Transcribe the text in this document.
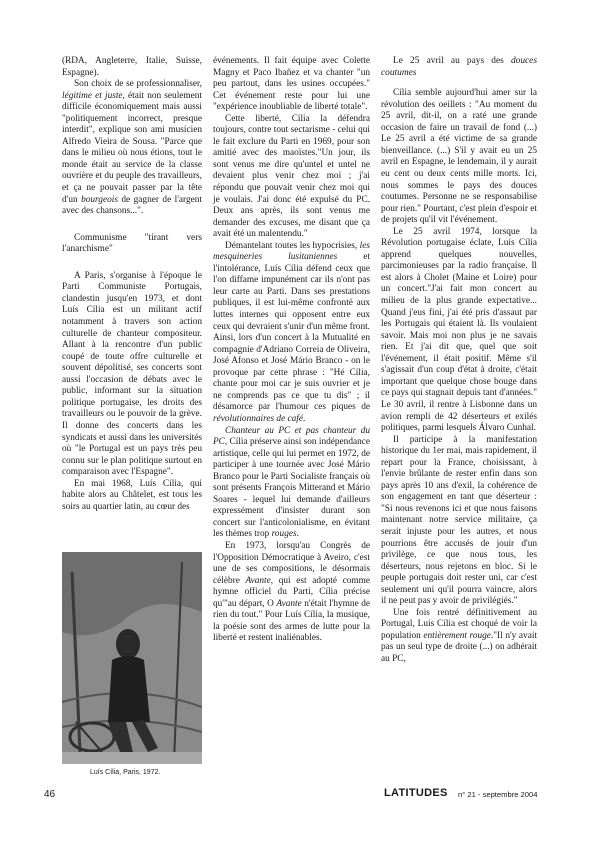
(RDA, Angleterre, Italie, Suisse, Espagne).

Son choix de se professionnaliser, légitime et juste, était non seulement difficile économiquement mais aussi "politiquement incorrect, presque interdit", explique son ami musicien Alfredo Vieira de Sousa. "Parce que dans le milieu où nous étions, tout le monde était au service de la classe ouvrière et du peuple des travailleurs, et ça ne pouvait passer par la tête d'un bourgeois de gagner de l'argent avec des chansons...".

Communisme "tirant vers l'anarchisme"

A Paris, s'organise à l'époque le Parti Communiste Portugais, clandestin jusqu'en 1973, et dont Luís Cília est un militant actif notamment à travers son action culturelle de chanteur compositeur. Allant à la rencontre d'un public coupé de toute offre culturelle et souvent dépolitisé, ses concerts sont aussi l'occasion de débats avec le public, informant sur la situation politique portugaise, les droits des travailleurs ou le pouvoir de la grève. Il donne des concerts dans les syndicats et aussi dans les universités où "le Portugal est un pays très peu connu sur le plan politique surtout en comparaison avec l'Espagne".

En mai 1968, Luís Cília, qui habite alors au Châtelet, est tous les soirs au quartier latin, au cœur des

Luís Cília, Paris, 1972.

événements. Il fait équipe avec Colette Magny et Paco Ibañez et va chanter "un peu partout, dans les usines occupées." Cet événement reste pour lui une "expérience inoubliable de liberté totale".

Cette liberté, Cília la défendra toujours, contre tout sectarisme - celui qui le fait exclure du Parti en 1969, pour son amitié avec des maoïstes."Un jour, ils sont venus me dire qu'untel et untel ne devaient plus venir chez moi ; j'ai répondu que pouvait venir chez moi qui je voulais. J'ai donc été expulsé du PC. Deux ans après, ils sont venus me demander des excuses, me disant que ça avait été un malentendu."

Démantelant toutes les hypocrisies, les mesquineries lusitaniennes et l'intolérance, Luís Cília défend ceux que l'on diffame impunément car ils n'ont pas leur carte au Parti. Dans ses prestations publiques, il est lui-même confronté aux luttes internes qui opposent entre eux ceux qui devraient s'unir d'un même front. Ainsi, lors d'un concert à la Mutualité en compagnie d'Adriano Correia de Oliveira, José Afonso et José Mário Branco - on le provoque par cette phrase : "Hé Cília, chante pour moi car je suis ouvrier et je ne comprends pas ce que tu dis" ; il désamorce par l'humour ces piques de révolutionnaires de café.

Chanteur au PC et pas chanteur du PC, Cília préserve ainsi son indépendance artistique, celle qui lui permet en 1972, de participer à une tournée avec José Mário Branco pour le Parti Socialiste français où sont présents François Mitterand et Mário Soares - lequel lui demande d'ailleurs expressément d'insister durant son concert sur l'anticolonialisme, en évitant les thèmes trop rouges.

En 1973, lorsqu'au Congrès de l'Opposition Démocratique à Aveiro, c'est une de ses compositions, le désormais célèbre Avante, qui est adopté comme hymne officiel du Parti, Cília précise qu'"au départ, O Avante n'était l'hymne de rien du tout." Pour Luís Cília, la musique, la poésie sont des armes de lutte pour la liberté et restent inaliénables.

Le 25 avril au pays des douces coutumes

Cília semble aujourd'hui amer sur la révolution des oeillets : "Au moment du 25 avril, dit-il, on a raté une grande occasion de faire un travail de fond (...) Le 25 avril a été victime de sa grande bienveillance. (...) S'il y avait eu un 25 avril en Espagne, le lendemain, il y aurait eu cent ou deux cents mille morts. Ici, nous sommes le pays des douces coutumes. Personne ne se responsabilise pour rien." Pourtant, c'est plein d'espoir et de projets qu'il vit l'événement.

Le 25 avril 1974, lorsque la Révolution portugaise éclate, Luís Cília apprend quelques nouvelles, parcimonieuses par la radio française. Il est alors à Cholet (Maine et Loire) pour un concert."J'ai fait mon concert au milieu de la plus grande expectative... Quand j'eus fini, j'ai été pris d'assaut par les Portugais qui étaient là. Ils voulaient savoir. Mais moi non plus je ne savais rien. Et j'ai dit que, quel que soit l'événement, il était positif. Même s'il s'agissait d'un coup d'état à droite, c'était important que quelque chose bouge dans ce pays qui stagnait depuis tant d'années." Le 30 avril, il rentre à Lisbonne dans un avion rempli de 42 déserteurs et exilés politiques, parmi lesquels Álvaro Cunhal.

Il participe à la manifestation historique du 1er mai, mais rapidement, il repart pour la France, choisissant, à l'envie brûlante de rester enfin dans son pays après 10 ans d'exil, la cohérence de son engagement en tant que déserteur : "Si nous revenons ici et que nous faisons maintenant notre service militaire, ça serait injuste pour les autres, et nous pourrions être accusés de jouir d'un privilège, ce que nous tous, les déserteurs, nous rejetons en bloc. Si le peuple portugais doit rester uni, car c'est seulement uni qu'il pourra vaincre, alors il ne peut pas y avoir de privilégiés."

Une fois rentré définitivement au Portugal, Luís Cília est choqué de voir la population entièrement rouge."Il n'y avait pas un seul type de droite (...) on adhérait au PC,

46	LATITUDES n° 21 - septembre 2004
